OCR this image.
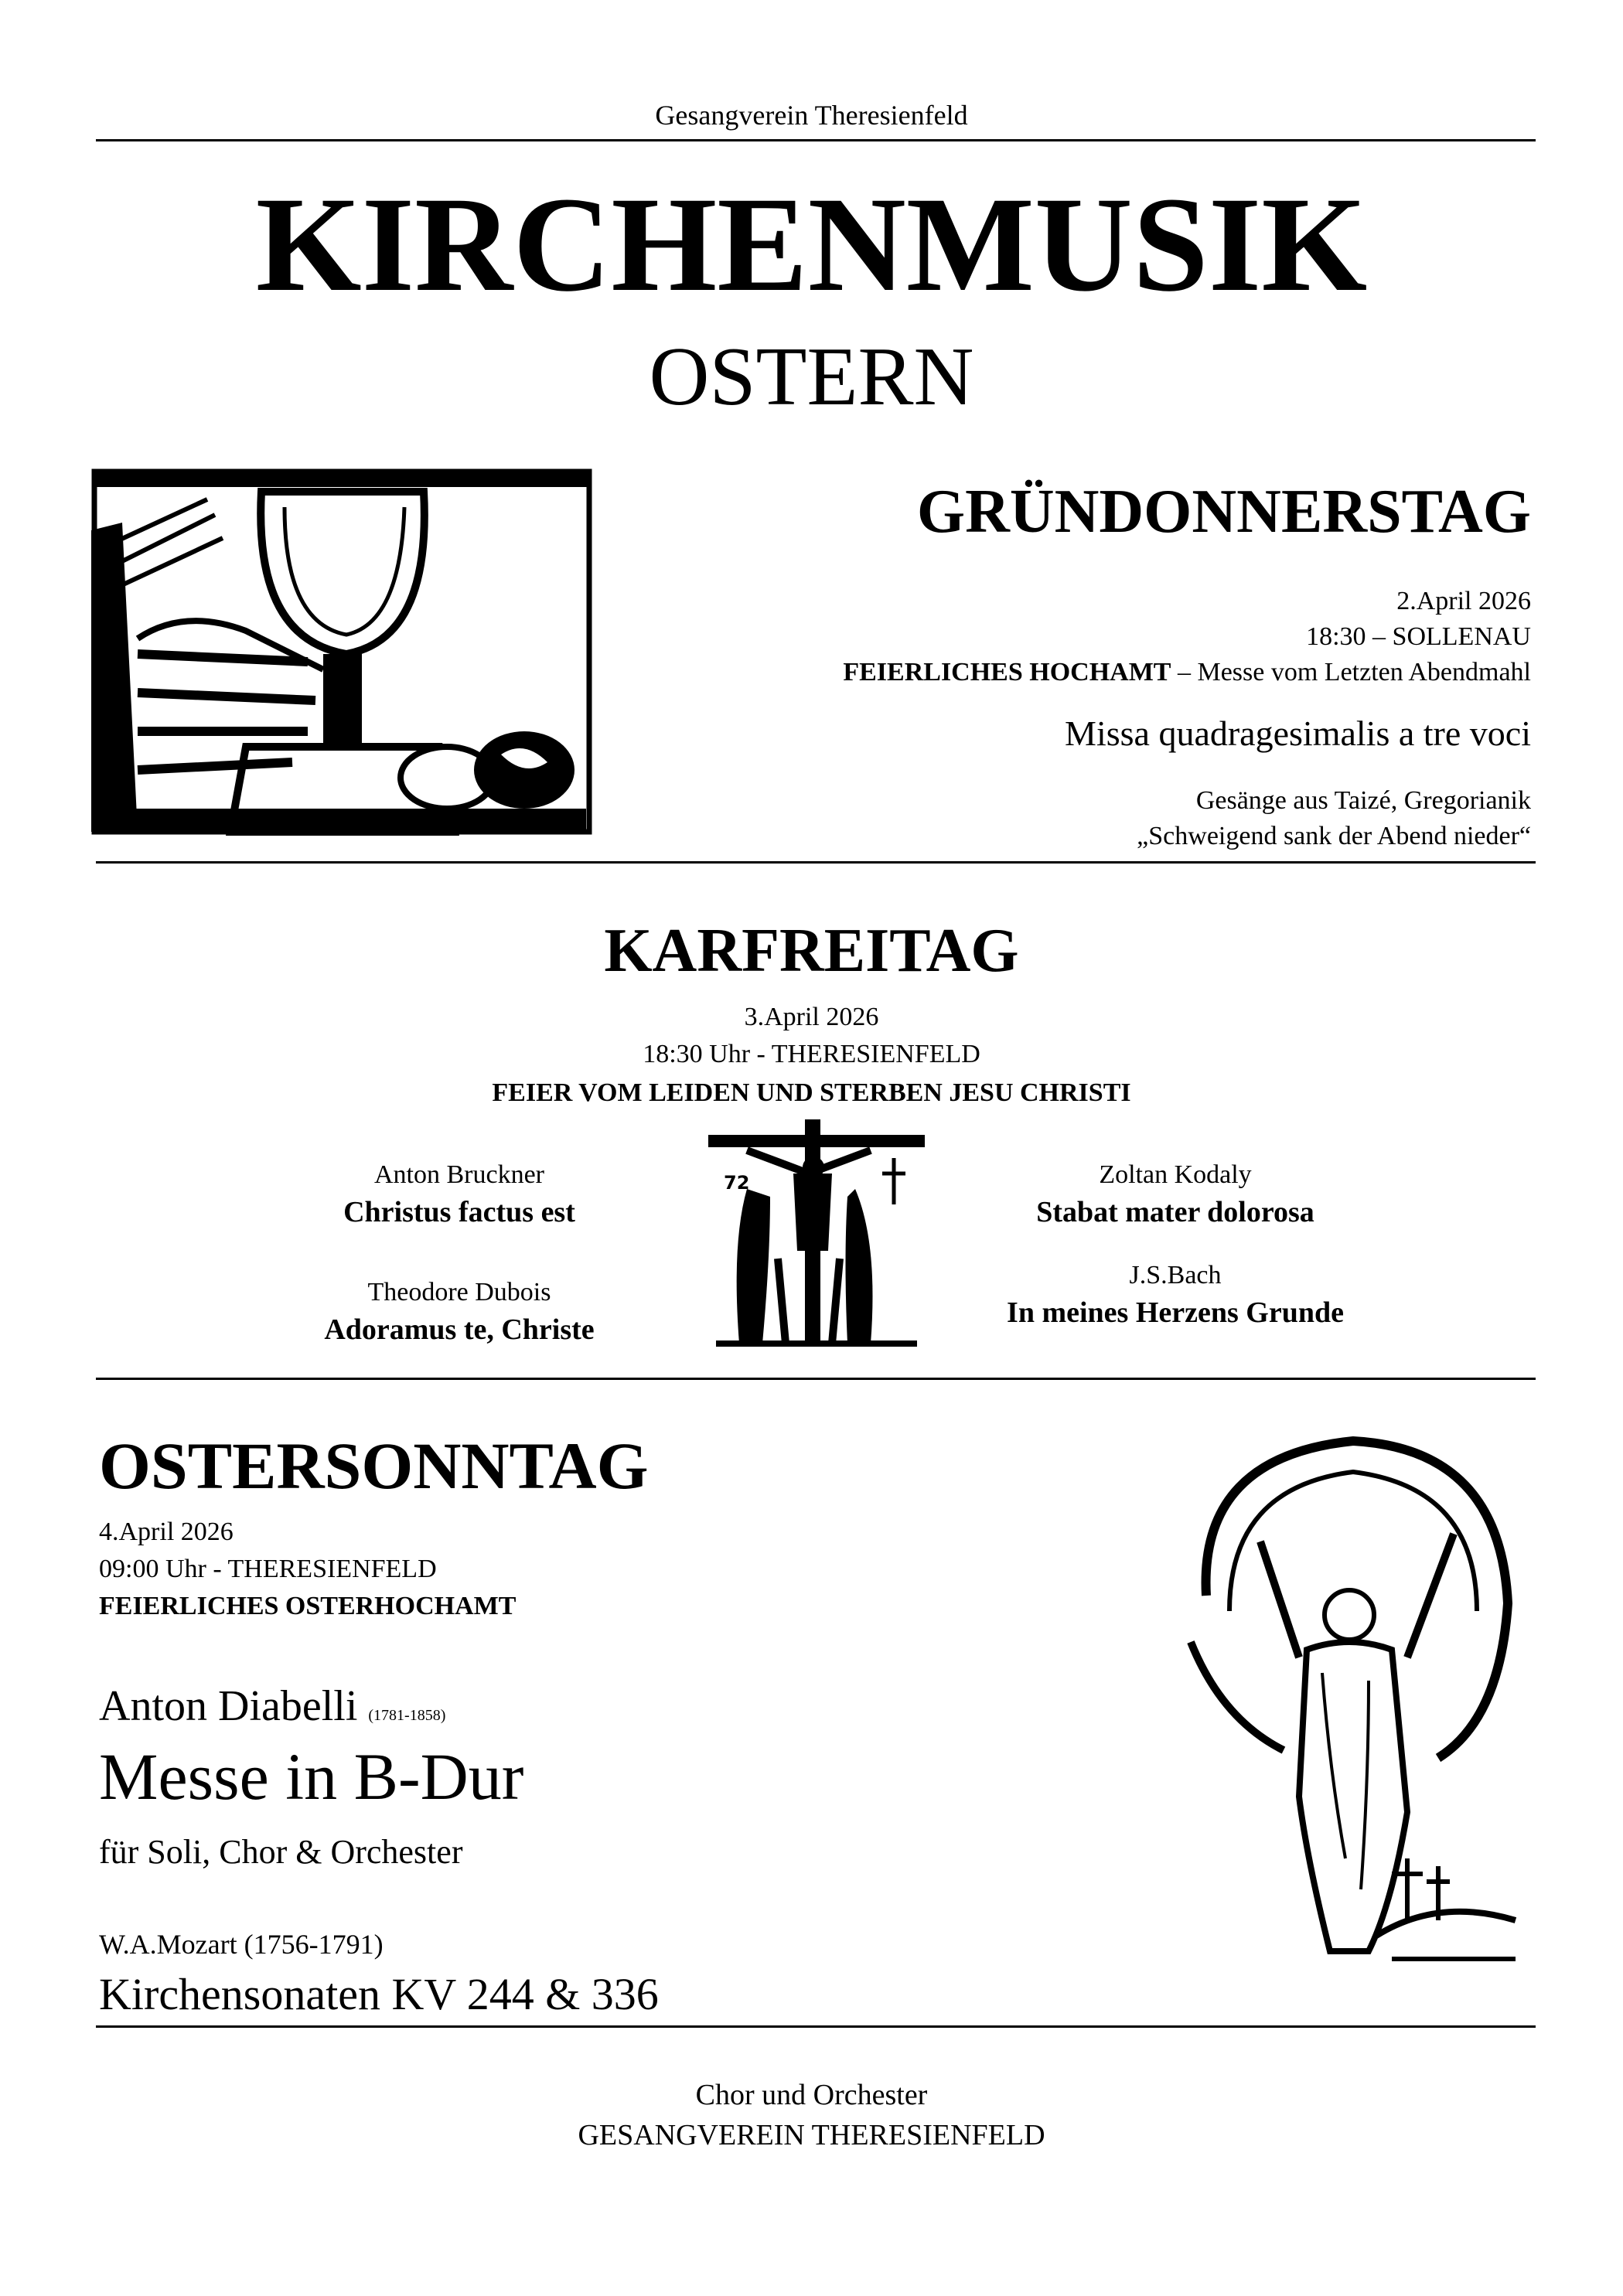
Gesangverein Theresienfeld
KIRCHENMUSIK
OSTERN
GRÜNDONNERSTAG
2.April 2026
18:30 – SOLLENAU
FEIERLICHES HOCHAMT – Messe vom Letzten Abendmahl
Missa quadragesimalis a tre voci
Gesänge aus Taizé, Gregorianik
„Schweigend sank der Abend nieder“
KARFREITAG
3.April 2026
18:30 Uhr - THERESIENFELD
FEIER VOM LEIDEN UND STERBEN JESU CHRISTI
Anton Bruckner
Christus factus est
Theodore Dubois
Adoramus te, Christe
Zoltan Kodaly
Stabat mater dolorosa
J.S.Bach
In meines Herzens Grunde
72
OSTERSONNTAG
4.April 2026
09:00 Uhr - THERESIENFELD
FEIERLICHES OSTERHOCHAMT
Anton Diabelli (1781-1858)
Messe in B-Dur
für Soli, Chor & Orchester
W.A.Mozart (1756-1791)
Kirchensonaten KV 244 & 336
Chor und Orchester
GESANGVEREIN THERESIENFELD
